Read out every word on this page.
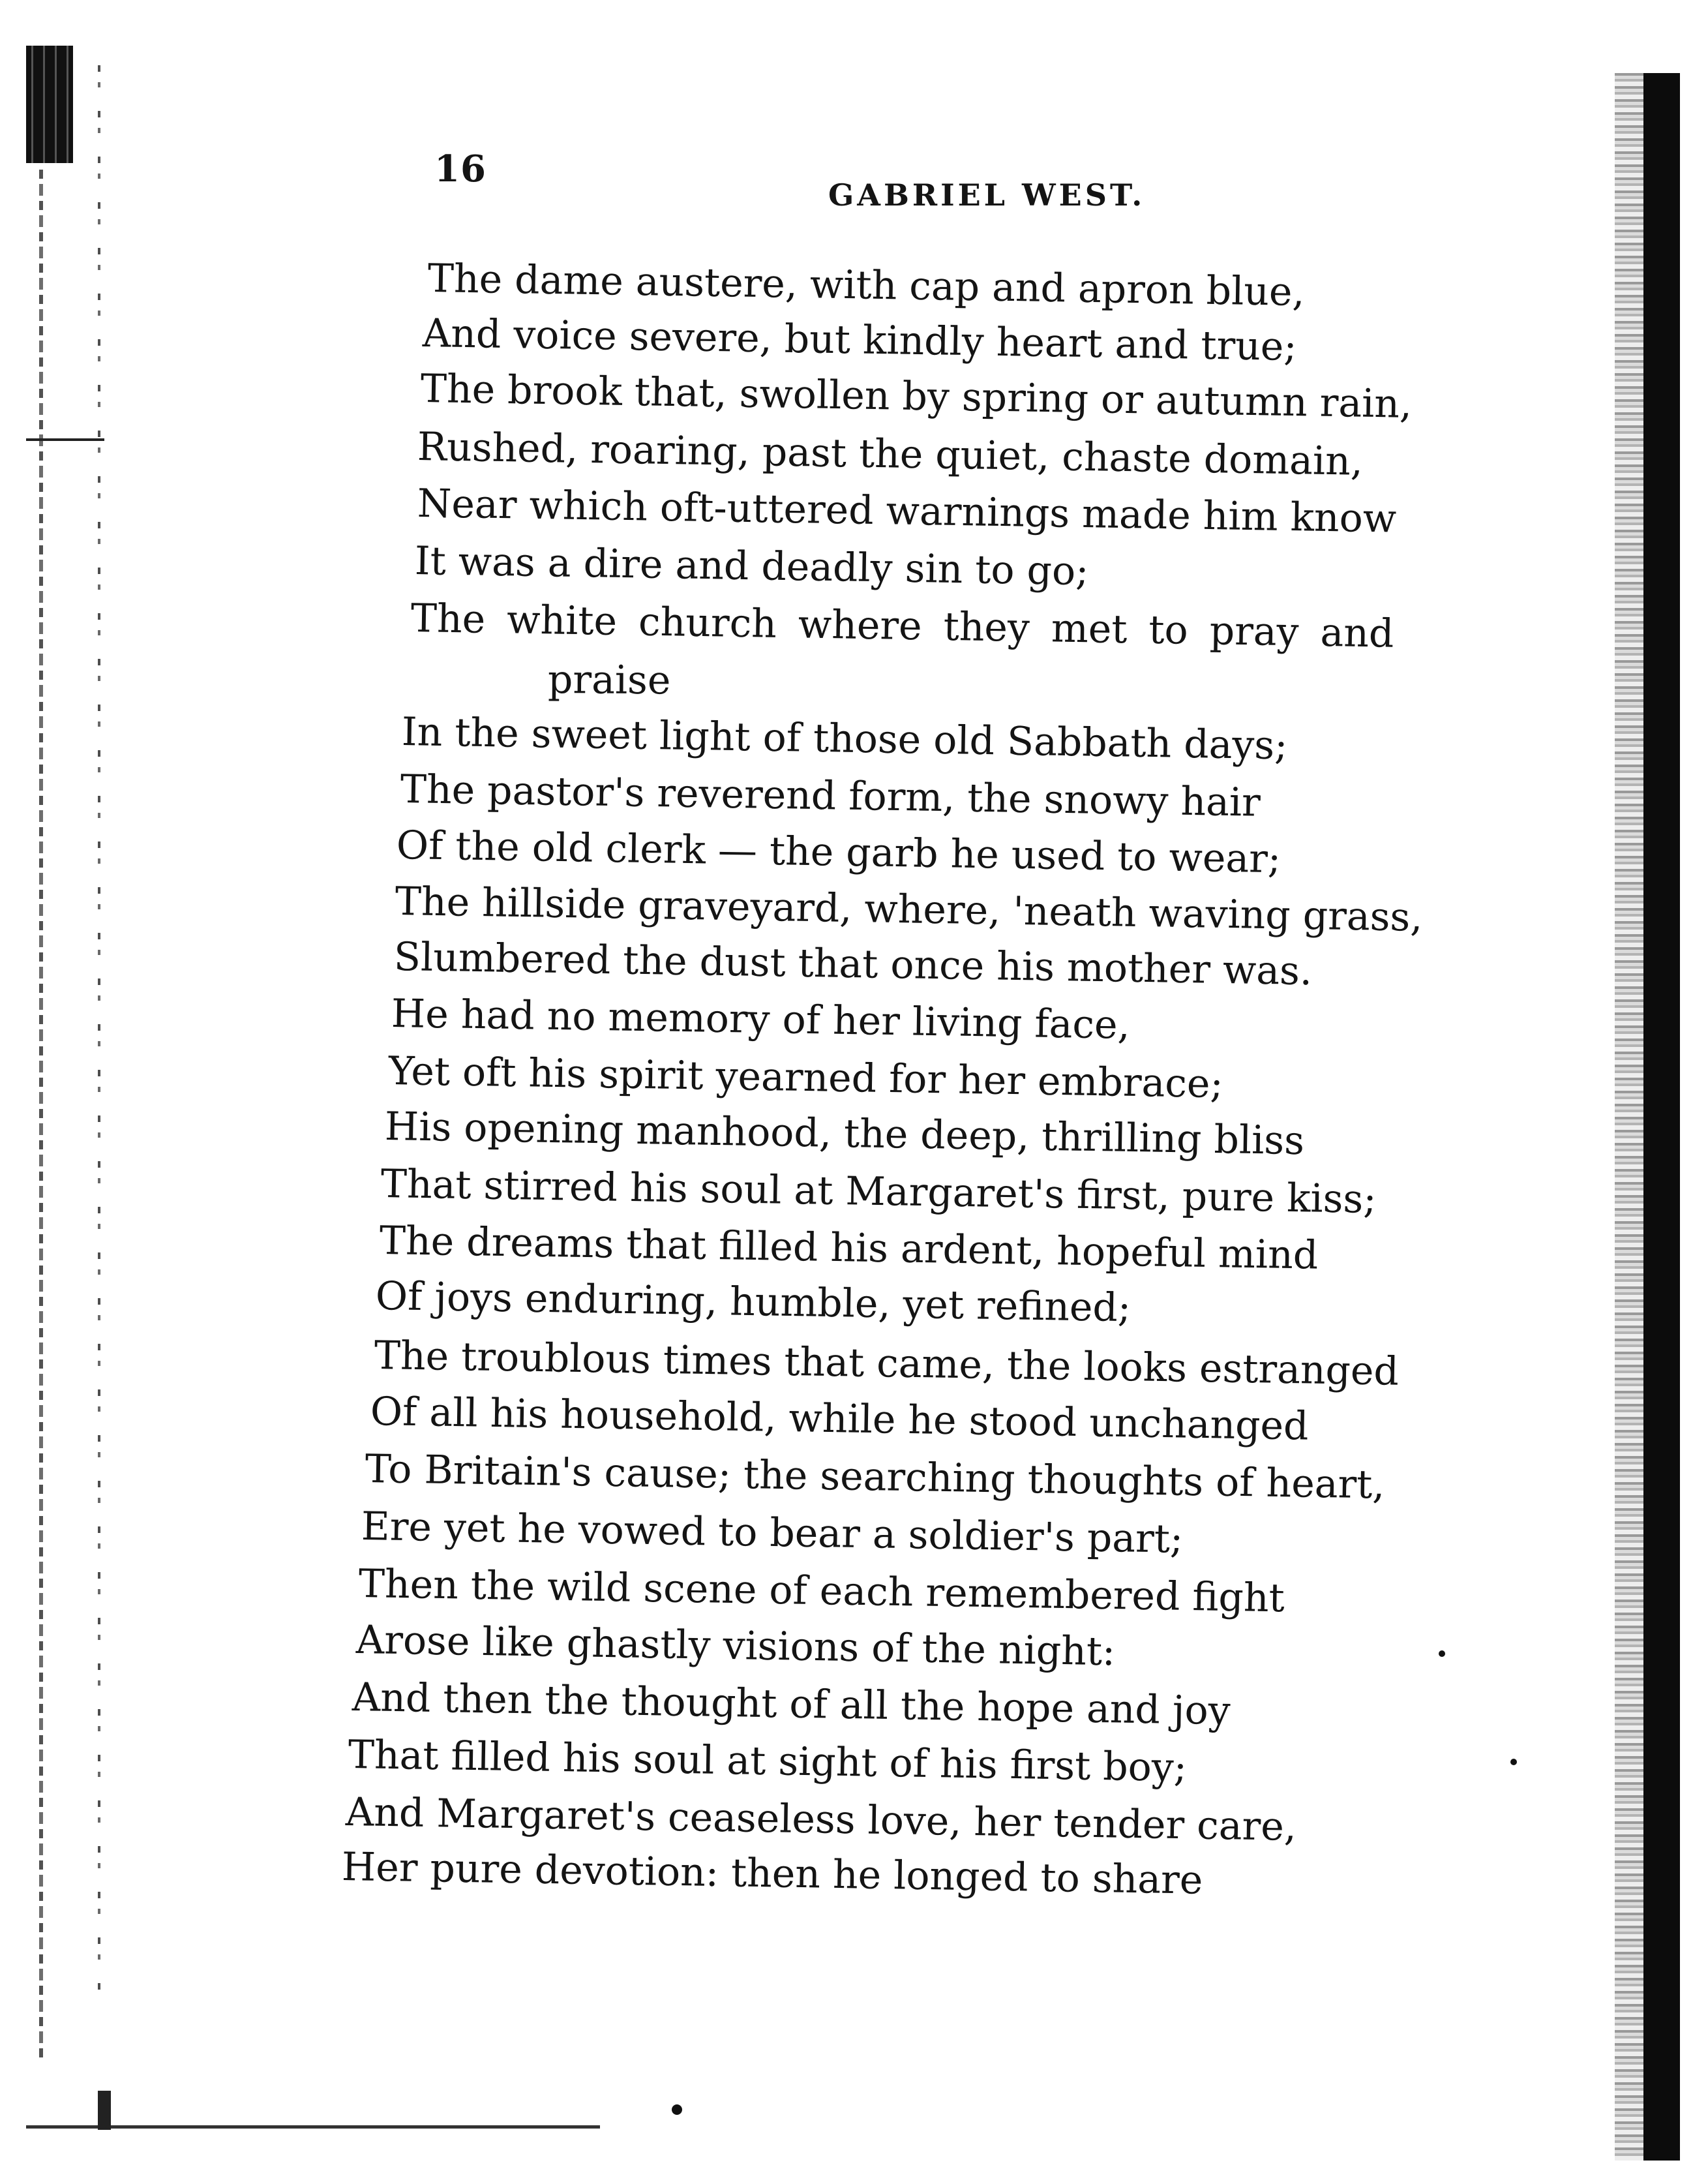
16
GABRIEL WEST.
The dame austere, with cap and apron blue,
And voice severe, but kindly heart and true;
The brook that, swollen by spring or autumn rain,
Rushed, roaring, past the quiet, chaste domain,
Near which oft-uttered warnings made him know
It was a dire and deadly sin to go;
The white church where they met to pray and
praise
In the sweet light of those old Sabbath days;
The pastor's reverend form, the snowy hair
Of the old clerk — the garb he used to wear;
The hillside graveyard, where, 'neath waving grass,
Slumbered the dust that once his mother was.
He had no memory of her living face,
Yet oft his spirit yearned for her embrace;
His opening manhood, the deep, thrilling bliss
That stirred his soul at Margaret's first, pure kiss;
The dreams that filled his ardent, hopeful mind
Of joys enduring, humble, yet refined;
The troublous times that came, the looks estranged
Of all his household, while he stood unchanged
To Britain's cause; the searching thoughts of heart,
Ere yet he vowed to bear a soldier's part;
Then the wild scene of each remembered fight
Arose like ghastly visions of the night:
And then the thought of all the hope and joy
That filled his soul at sight of his first boy;
And Margaret's ceaseless love, her tender care,
Her pure devotion: then he longed to share
